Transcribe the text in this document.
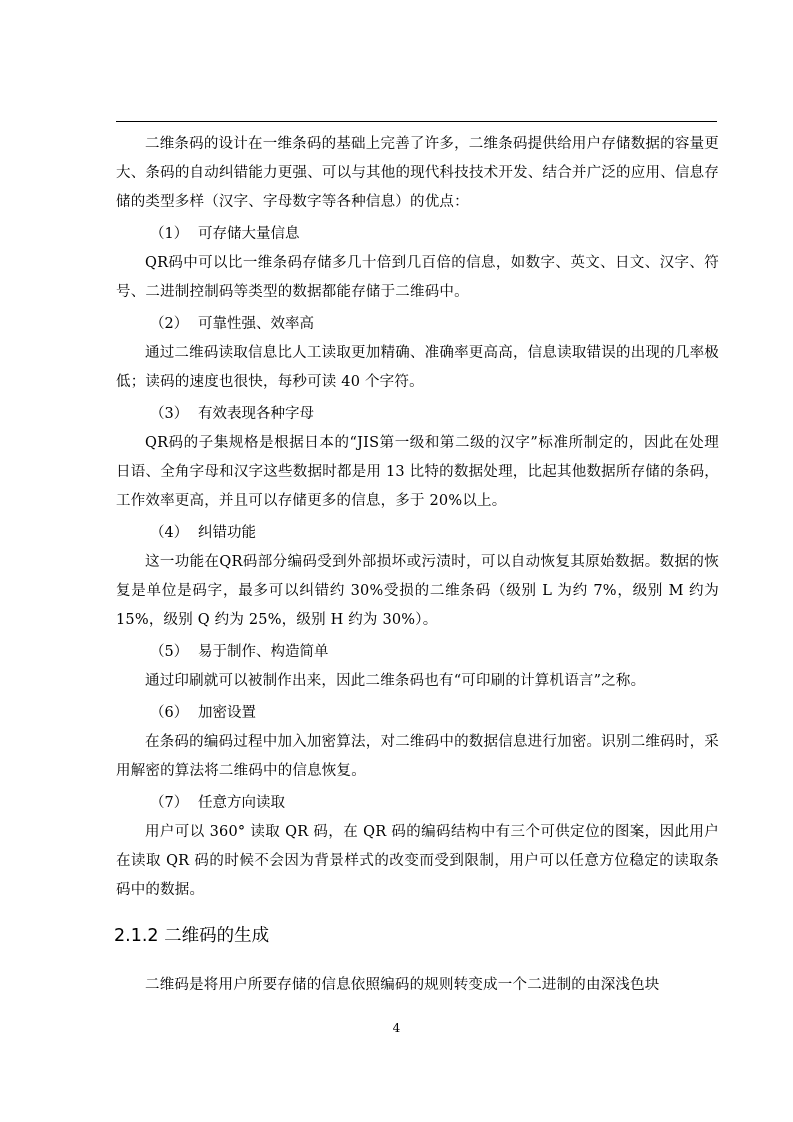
二维条码的设计在一维条码的基础上完善了许多，二维条码提供给用户存储数据的容量更大、条码的自动纠错能力更强、可以与其他的现代科技技术开发、结合并广泛的应用、信息存储的类型多样（汉字、字母数字等各种信息）的优点：

（1） 可存储大量信息

QR码中可以比一维条码存储多几十倍到几百倍的信息，如数字、英文、日文、汉字、符号、二进制控制码等类型的数据都能存储于二维码中。

（2） 可靠性强、效率高

通过二维码读取信息比人工读取更加精确、准确率更高高，信息读取错误的出现的几率极低；读码的速度也很快，每秒可读 40 个字符。

（3） 有效表现各种字母

QR码的子集规格是根据日本的“JIS第一级和第二级的汉字”标准所制定的，因此在处理日语、全角字母和汉字这些数据时都是用 13 比特的数据处理，比起其他数据所存储的条码，工作效率更高，并且可以存储更多的信息，多于 20%以上。

（4） 纠错功能

这一功能在QR码部分编码受到外部损坏或污渍时，可以自动恢复其原始数据。数据的恢复是单位是码字，最多可以纠错约 30%受损的二维条码（级别 L 为约 7%，级别 M 约为 15%，级别 Q 约为 25%，级别 H 约为 30%）。

（5） 易于制作、构造简单

通过印刷就可以被制作出来，因此二维条码也有“可印刷的计算机语言”之称。

（6） 加密设置

在条码的编码过程中加入加密算法，对二维码中的数据信息进行加密。识别二维码时，采用解密的算法将二维码中的信息恢复。

（7） 任意方向读取

用户可以 360° 读取 QR 码，在 QR 码的编码结构中有三个可供定位的图案，因此用户在读取 QR 码的时候不会因为背景样式的改变而受到限制，用户可以任意方位稳定的读取条码中的数据。

2.1.2 二维码的生成

二维码是将用户所要存储的信息依照编码的规则转变成一个二进制的由深浅色块

4
